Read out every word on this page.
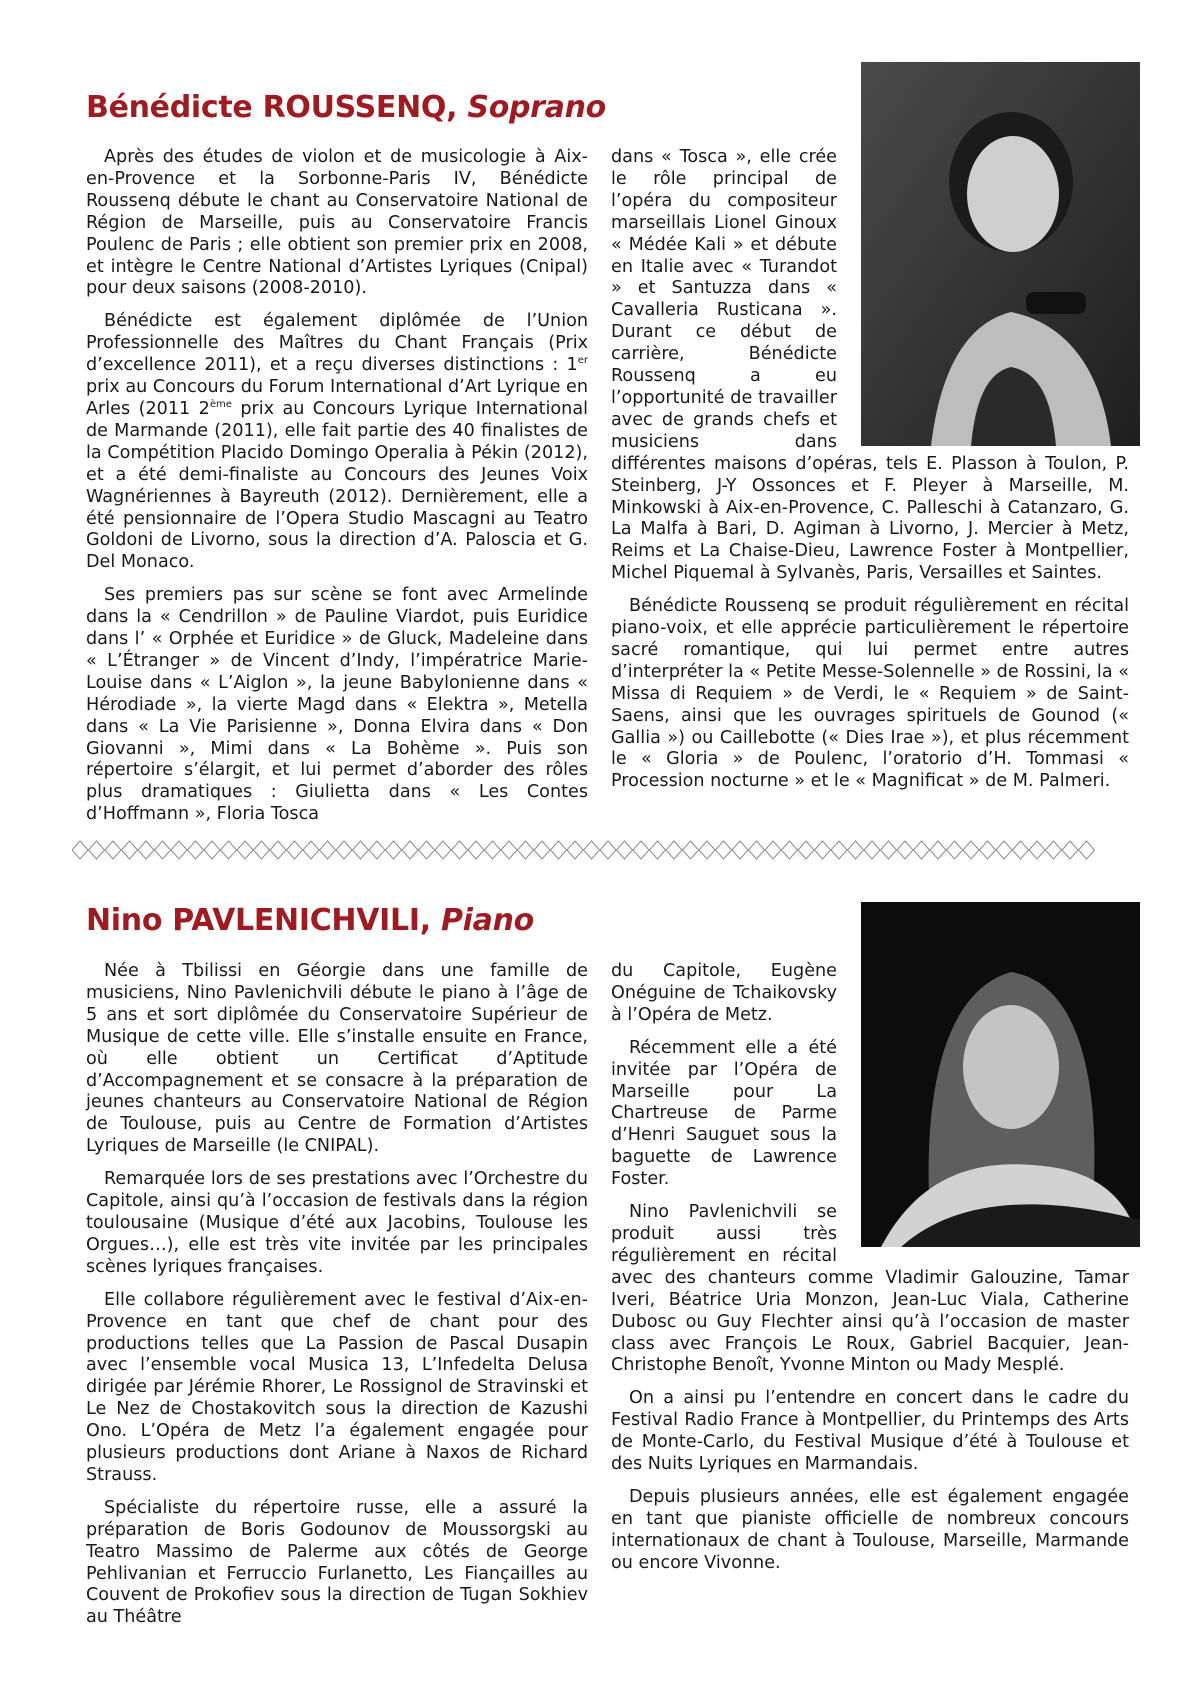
Bénédicte ROUSSENQ, Soprano

Après des études de violon et de musicologie à Aix-en-Provence et la Sorbonne-Paris IV, Bénédicte Roussenq débute le chant au Conservatoire National de Région de Marseille, puis au Conservatoire Francis Poulenc de Paris ; elle obtient son premier prix en 2008, et intègre le Centre National d’Artistes Lyriques (Cnipal) pour deux saisons (2008-2010).

Bénédicte est également diplômée de l’Union Professionnelle des Maîtres du Chant Français (Prix d’excellence 2011), et a reçu diverses distinctions : 1er prix au Concours du Forum International d’Art Lyrique en Arles (2011 2ème prix au Concours Lyrique International de Marmande (2011), elle fait partie des 40 finalistes de la Compétition Placido Domingo Operalia à Pékin (2012), et a été demi-finaliste au Concours des Jeunes Voix Wagnériennes à Bayreuth (2012). Dernièrement, elle a été pensionnaire de l’Opera Studio Mascagni au Teatro Goldoni de Livorno, sous la direction d’A. Paloscia et G. Del Monaco.

Ses premiers pas sur scène se font avec Armelinde dans la « Cendrillon » de Pauline Viardot, puis Euridice dans l’ « Orphée et Euridice » de Gluck, Madeleine dans « L’Étranger » de Vincent d’Indy, l’impératrice Marie-Louise dans « L’Aiglon », la jeune Babylonienne dans « Hérodiade », la vierte Magd dans « Elektra », Metella dans « La Vie Parisienne », Donna Elvira dans « Don Giovanni », Mimi dans « La Bohème ». Puis son répertoire s’élargit, et lui permet d’aborder des rôles plus dramatiques : Giulietta dans « Les Contes d’Hoffmann », Floria Tosca

dans « Tosca », elle crée le rôle principal de l’opéra du compositeur marseillais Lionel Ginoux « Médée Kali » et débute en Italie avec « Turandot » et Santuzza dans « Cavalleria Rusticana ». Durant ce début de carrière, Bénédicte Roussenq a eu l’opportunité de travailler avec de grands chefs et musiciens dans différentes maisons d’opéras, tels E. Plasson à Toulon, P. Steinberg, J-Y Ossonces et F. Pleyer à Marseille, M. Minkowski à Aix-en-Provence, C. Palleschi à Catanzaro, G. La Malfa à Bari, D. Agiman à Livorno, J. Mercier à Metz, Reims et La Chaise-Dieu, Lawrence Foster à Montpellier, Michel Piquemal à Sylvanès, Paris, Versailles et Saintes.

Bénédicte Roussenq se produit régulièrement en récital piano-voix, et elle apprécie particulièrement le répertoire sacré romantique, qui lui permet entre autres d’interpréter la « Petite Messe-Solennelle » de Rossini, la « Missa di Requiem » de Verdi, le « Requiem » de Saint-Saens, ainsi que les ouvrages spirituels de Gounod (« Gallia ») ou Caillebotte (« Dies Irae »), et plus récemment le « Gloria » de Poulenc, l’oratorio d’H. Tommasi « Procession nocturne » et le « Magnificat » de M. Palmeri.

Nino PAVLENICHVILI, Piano

Née à Tbilissi en Géorgie dans une famille de musiciens, Nino Pavlenichvili débute le piano à l’âge de 5 ans et sort diplômée du Conservatoire Supérieur de Musique de cette ville. Elle s’installe ensuite en France, où elle obtient un Certificat d’Aptitude d’Accompagnement et se consacre à la préparation de jeunes chanteurs au Conservatoire National de Région de Toulouse, puis au Centre de Formation d’Artistes Lyriques de Marseille (le CNIPAL).

Remarquée lors de ses prestations avec l’Orchestre du Capitole, ainsi qu’à l’occasion de festivals dans la région toulousaine (Musique d’été aux Jacobins, Toulouse les Orgues…), elle est très vite invitée par les principales scènes lyriques françaises.

Elle collabore régulièrement avec le festival d’Aix-en-Provence en tant que chef de chant pour des productions telles que La Passion de Pascal Dusapin avec l’ensemble vocal Musica 13, L’Infedelta Delusa dirigée par Jérémie Rhorer, Le Rossignol de Stravinski et Le Nez de Chostakovitch sous la direction de Kazushi Ono. L’Opéra de Metz l’a également engagée pour plusieurs productions dont Ariane à Naxos de Richard Strauss.

Spécialiste du répertoire russe, elle a assuré la préparation de Boris Godounov de Moussorgski au Teatro Massimo de Palerme aux côtés de George Pehlivanian et Ferruccio Furlanetto, Les Fiançailles au Couvent de Prokofiev sous la direction de Tugan Sokhiev au Théâtre

du Capitole, Eugène Onéguine de Tchaikovsky à l’Opéra de Metz.

Récemment elle a été invitée par l’Opéra de Marseille pour La Chartreuse de Parme d’Henri Sauguet sous la baguette de Lawrence Foster.

Nino Pavlenichvili se produit aussi très régulièrement en récital avec des chanteurs comme Vladimir Galouzine, Tamar Iveri, Béatrice Uria Monzon, Jean-Luc Viala, Catherine Dubosc ou Guy Flechter ainsi qu’à l’occasion de master class avec François Le Roux, Gabriel Bacquier, Jean-Christophe Benoît, Yvonne Minton ou Mady Mesplé.

On a ainsi pu l’entendre en concert dans le cadre du Festival Radio France à Montpellier, du Printemps des Arts de Monte-Carlo, du Festival Musique d’été à Toulouse et des Nuits Lyriques en Marmandais.

Depuis plusieurs années, elle est également engagée en tant que pianiste officielle de nombreux concours internationaux de chant à Toulouse, Marseille, Marmande ou encore Vivonne.
